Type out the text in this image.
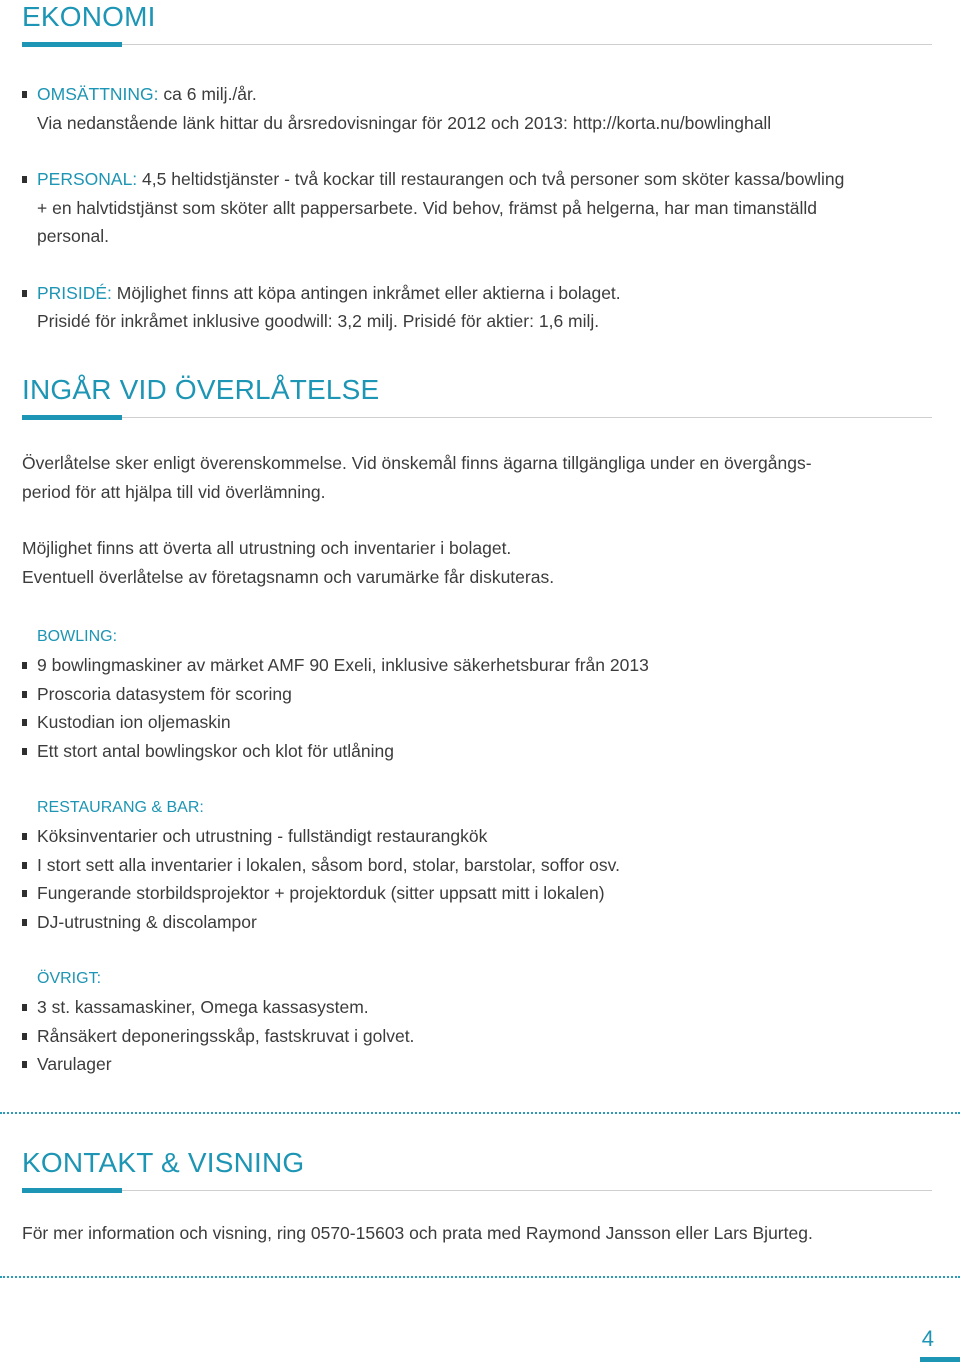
EKONOMI
OMSÄTTNING: ca 6 milj./år.
Via nedanstående länk hittar du årsredovisningar för 2012 och 2013: http://korta.nu/bowlinghall
PERSONAL: 4,5 heltidstjänster - två kockar till restaurangen och två personer som sköter kassa/bowling
+ en halvtidstjänst som sköter allt pappersarbete. Vid behov, främst på helgerna, har man timanställd
personal.
PRISIDÉ: Möjlighet finns att köpa antingen inkråmet eller aktierna i bolaget.
Prisidé för inkråmet inklusive goodwill: 3,2 milj. Prisidé för aktier: 1,6 milj.
INGÅR VID ÖVERLÅTELSE

Överlåtelse sker enligt överenskommelse. Vid önskemål finns ägarna tillgängliga under en övergångs-
period för att hjälpa till vid överlämning.

Möjlighet finns att överta all utrustning och inventarier i bolaget.
Eventuell överlåtelse av företagsnamn och varumärke får diskuteras.

BOWLING:

9 bowlingmaskiner av märket AMF 90 Exeli, inklusive säkerhetsburar från 2013
Proscoria datasystem för scoring
Kustodian ion oljemaskin
Ett stort antal bowlingskor och klot för utlåning

RESTAURANG & BAR:

Köksinventarier och utrustning - fullständigt restaurangkök
I stort sett alla inventarier i lokalen, såsom bord, stolar, barstolar, soffor osv.
Fungerande storbildsprojektor + projektorduk (sitter uppsatt mitt i lokalen)
DJ-utrustning & discolampor

ÖVRIGT:

3 st. kassamaskiner, Omega kassasystem.
Rånsäkert deponeringsskåp, fastskruvat i golvet.
Varulager
KONTAKT & VISNING

För mer information och visning, ring 0570-15603 och prata med Raymond Jansson eller Lars Bjurteg.

4
